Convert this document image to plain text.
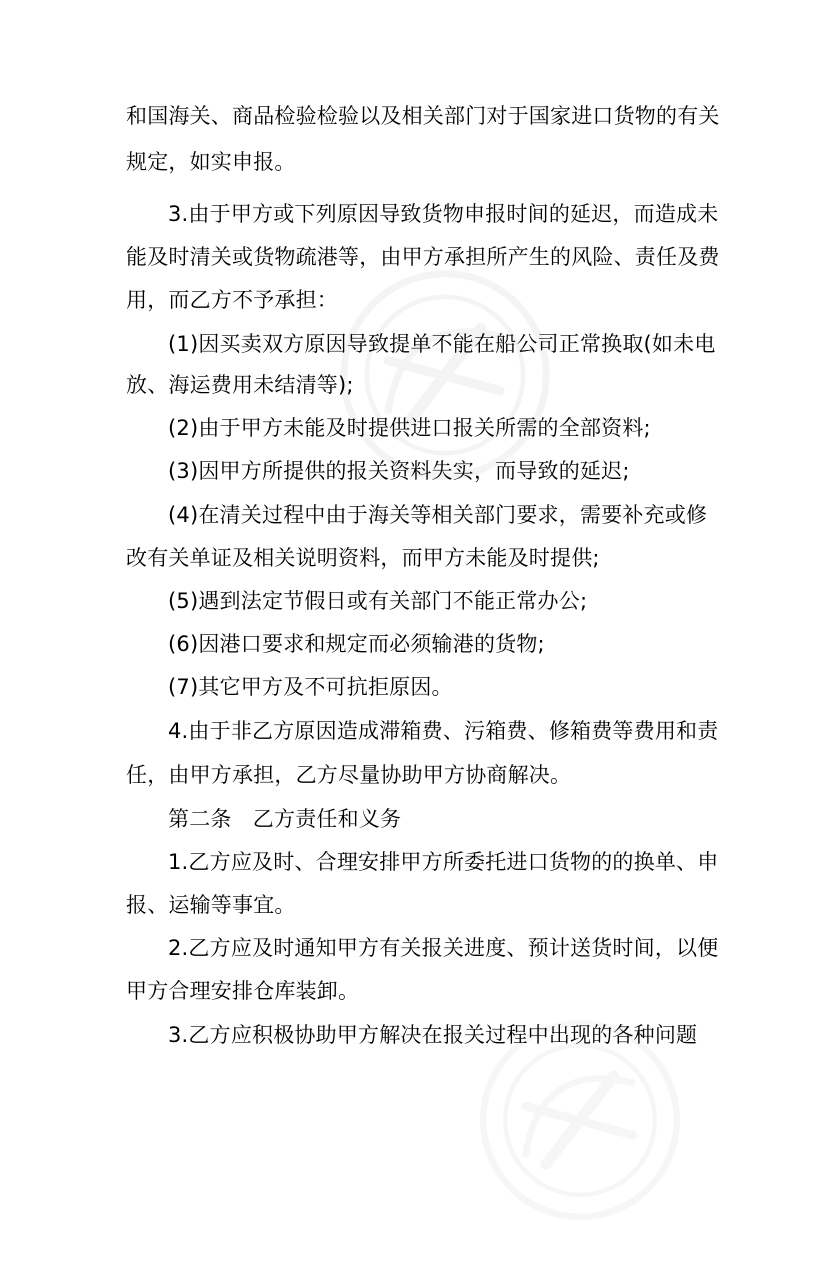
和国海关、商品检验检验以及相关部门对于国家进口货物的有关
规定，如实申报。
3.由于甲方或下列原因导致货物申报时间的延迟，而造成未
能及时清关或货物疏港等，由甲方承担所产生的风险、责任及费
用，而乙方不予承担：
(1)因买卖双方原因导致提单不能在船公司正常换取(如未电
放、海运费用未结清等);
(2)由于甲方未能及时提供进口报关所需的全部资料;
(3)因甲方所提供的报关资料失实，而导致的延迟;
(4)在清关过程中由于海关等相关部门要求，需要补充或修
改有关单证及相关说明资料，而甲方未能及时提供;
(5)遇到法定节假日或有关部门不能正常办公;
(6)因港口要求和规定而必须输港的货物;
(7)其它甲方及不可抗拒原因。
4.由于非乙方原因造成滞箱费、污箱费、修箱费等费用和责
任，由甲方承担，乙方尽量协助甲方协商解决。
第二条　乙方责任和义务
1.乙方应及时、合理安排甲方所委托进口货物的的换单、申
报、运输等事宜。
2.乙方应及时通知甲方有关报关进度、预计送货时间，以便
甲方合理安排仓库装卸。
3.乙方应积极协助甲方解决在报关过程中出现的各种问题
